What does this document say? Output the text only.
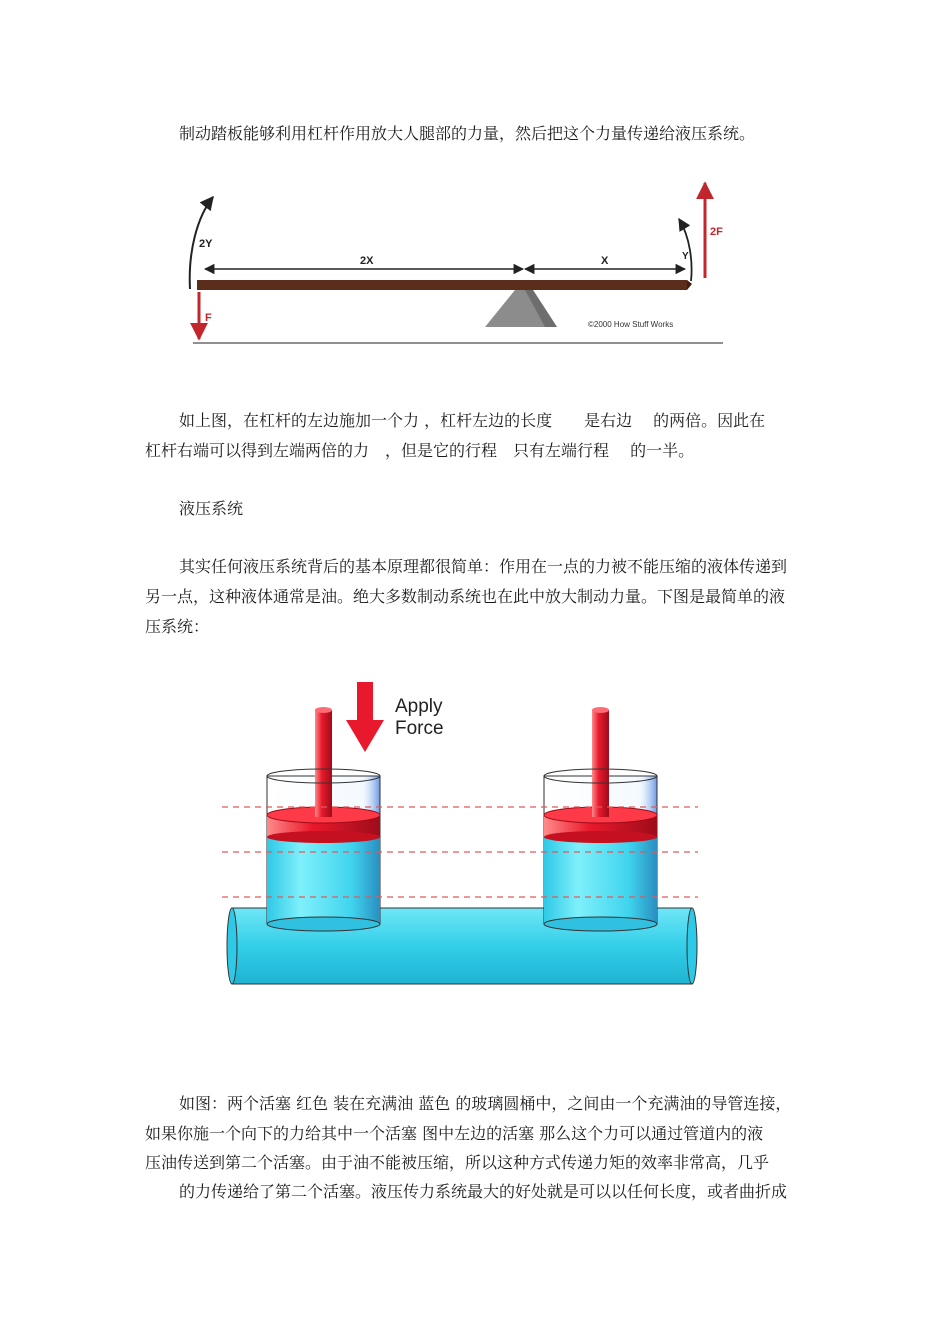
制动踏板能够利用杠杆作用放大人腿部的力量，然后把这个力量传递给液压系统。
2Y
2X	X	Y
2F
F
©2000 How Stuff Works
如上图，在杠杆的左边施加一个力 ，杠杆左边的长度　　是右边　 的两倍。因此在
杠杆右端可以得到左端两倍的力　，但是它的行程　只有左端行程　 的一半。
液压系统
其实任何液压系统背后的基本原理都很简单：作用在一点的力被不能压缩的液体传递到
另一点，这种液体通常是油。绝大多数制动系统也在此中放大制动力量。下图是最简单的液
压系统：
Apply
Force
如图：两个活塞 红色 装在充满油 蓝色 的玻璃圆桶中，之间由一个充满油的导管连接，
如果你施一个向下的力给其中一个活塞 图中左边的活塞 那么这个力可以通过管道内的液
压油传送到第二个活塞。由于油不能被压缩，所以这种方式传递力矩的效率非常高，几乎
的力传递给了第二个活塞。液压传力系统最大的好处就是可以以任何长度，或者曲折成
